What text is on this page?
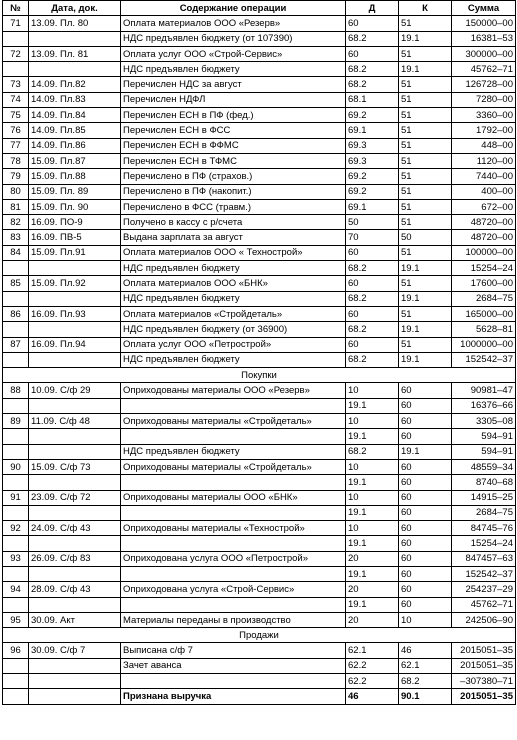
№	Дата, док.	Содержание операции	Д	К	Сумма
71	13.09. Пл. 80	Оплата материалов ООО «Резерв»	60	51	150000–00
		НДС предъявлен бюджету (от 107390)	68.2	19.1	16381–53
72	13.09. Пл. 81	Оплата услуг ООО «Строй-Сервис»	60	51	300000–00
		НДС предъявлен бюджету	68.2	19.1	45762–71
73	14.09. Пл.82	Перечислен НДС за август	68.2	51	126728–00
74	14.09. Пл.83	Перечислен НДФЛ	68.1	51	7280–00
75	14.09. Пл.84	Перечислен ЕСН в ПФ (фед.)	69.2	51	3360–00
76	14.09. Пл.85	Перечислен ЕСН в ФСС	69.1	51	1792–00
77	14.09. Пл.86	Перечислен ЕСН в ФФМС	69.3	51	448–00
78	15.09. Пл.87	Перечислен ЕСН в ТФМС	69.3	51	1120–00
79	15.09. Пл.88	Перечислено в ПФ (страхов.)	69.2	51	7440–00
80	15.09. Пл. 89	Перечислено в ПФ (накопит.)	69.2	51	400–00
81	15.09. Пл. 90	Перечислено в ФСС (травм.)	69.1	51	672–00
82	16.09. ПО-9	Получено в кассу с р/счета	50	51	48720–00
83	16.09. ПВ-5	Выдана зарплата за август	70	50	48720–00
84	15.09. Пл.91	Оплата материалов ООО « Технострой»	60	51	100000–00
		НДС предъявлен бюджету	68.2	19.1	15254–24
85	15.09. Пл.92	Оплата материалов ООО «БНК»	60	51	17600–00
		НДС предъявлен бюджету	68.2	19.1	2684–75
86	16.09. Пл.93	Оплата материалов «Стройдеталь»	60	51	165000–00
		НДС предъявлен бюджету (от 36900)	68.2	19.1	5628–81
87	16.09. Пл.94	Оплата услуг ООО «Петрострой»	60	51	1000000–00
		НДС предъявлен бюджету	68.2	19.1	152542–37
Покупки					
88	10.09. С/ф 29	Оприходованы материалы ООО «Резерв»	10	60	90981–47
			19.1	60	16376–66
89	11.09. С/ф 48	Оприходованы материалы «Стройдеталь»	10	60	3305–08
			19.1	60	594–91
		НДС предъявлен бюджету	68.2	19.1	594–91
90	15.09. С/ф 73	Оприходованы материалы «Стройдеталь»	10	60	48559–34
			19.1	60	8740–68
91	23.09. С/ф 72	Оприходованы материалы ООО «БНК»	10	60	14915–25
			19.1	60	2684–75
92	24.09. С/ф 43	Оприходованы материалы «Технострой»	10	60	84745–76
			19.1	60	15254–24
93	26.09. С/ф 83	Оприходована услуга ООО «Петрострой»	20	60	847457–63
			19.1	60	152542–37
94	28.09. С/ф 43	Оприходована услуга «Строй-Сервис»	20	60	254237–29
			19.1	60	45762–71
95	30.09. Акт	Материалы переданы в производство	20	10	242506–90
Продажи					
96	30.09. С/ф 7	Выписана с/ф 7	62.1	46	2015051–35
		Зачет аванса	62.2	62.1	2015051–35
			62.2	68.2	–307380–71
		Признана выручка	46	90.1	2015051–35
